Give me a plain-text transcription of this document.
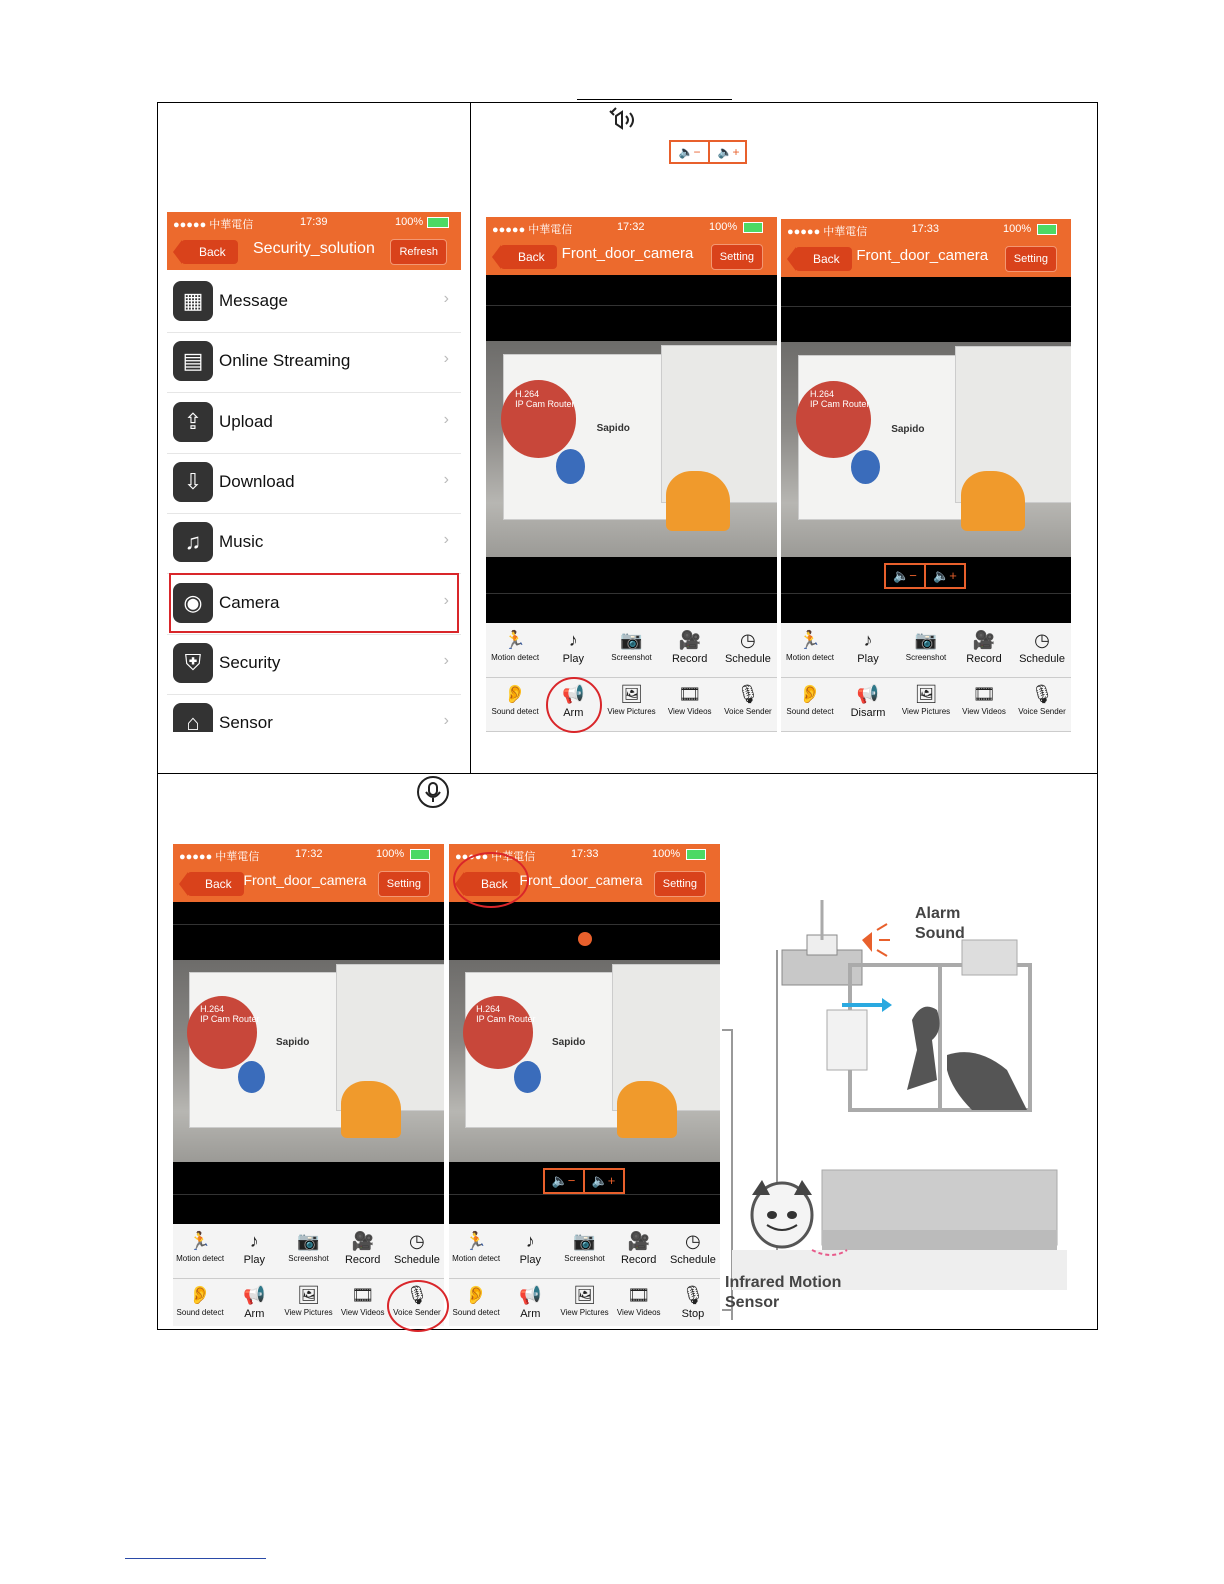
🔈−	🔈+
●●●●● 中華電信	17:39	100%
Back	Security_solution	Refresh
▦ Message	›
▤ Online Streaming	›
⇪ Upload	›
⇩ Download	›
♫	Music	›
◉ Camera	›
⛨	Security	›
⌂	Sensor	›
●●●●● 中華電信	17:32	100%
Back	Front_door_camera	Setting
H.264
IP Cam Router
Sapido
🏃
Motion detect
♪
Play
📷
Screenshot
🎥
Record
◷
Schedule
👂
Sound detect
📢
Arm
🖼
View Pictures
🎞
View Videos
🎙
Voice Sender
●●●●● 中華電信	17:33	100%
Back	Front_door_camera	Setting
H.264
IP Cam Router
Sapido
🔈− 🔈+
🏃
Motion detect
♪
Play
📷
Screenshot
🎥
Record
◷
Schedule
👂
Sound detect
📢
Disarm
🖼
View Pictures
🎞
View Videos
🎙
Voice Sender
●●●●● 中華電信	17:32	100%
Back Front_door_camera	Setting
H.264
IP Cam Router
Sapido
🏃
Motion detect
♪
Play
📷
Screenshot
🎥
Record
◷
Schedule
👂
Sound detect
📢
Arm
🖼
View Pictures
🎞
View Videos
🎙
Voice Sender
●●●●● 中華電信	17:33	100%
Back Front_door_camera	Setting
H.264
IP Cam Router
Sapido
🔈− 🔈+
🏃
Motion detect
♪
Play
📷
Screenshot
🎥
Record
◷
Schedule
👂
Sound detect
📢
Arm
🖼
View Pictures
🎞
View Videos
🎙
Stop
Alarm
Sound
Infrared Motion
Sensor
